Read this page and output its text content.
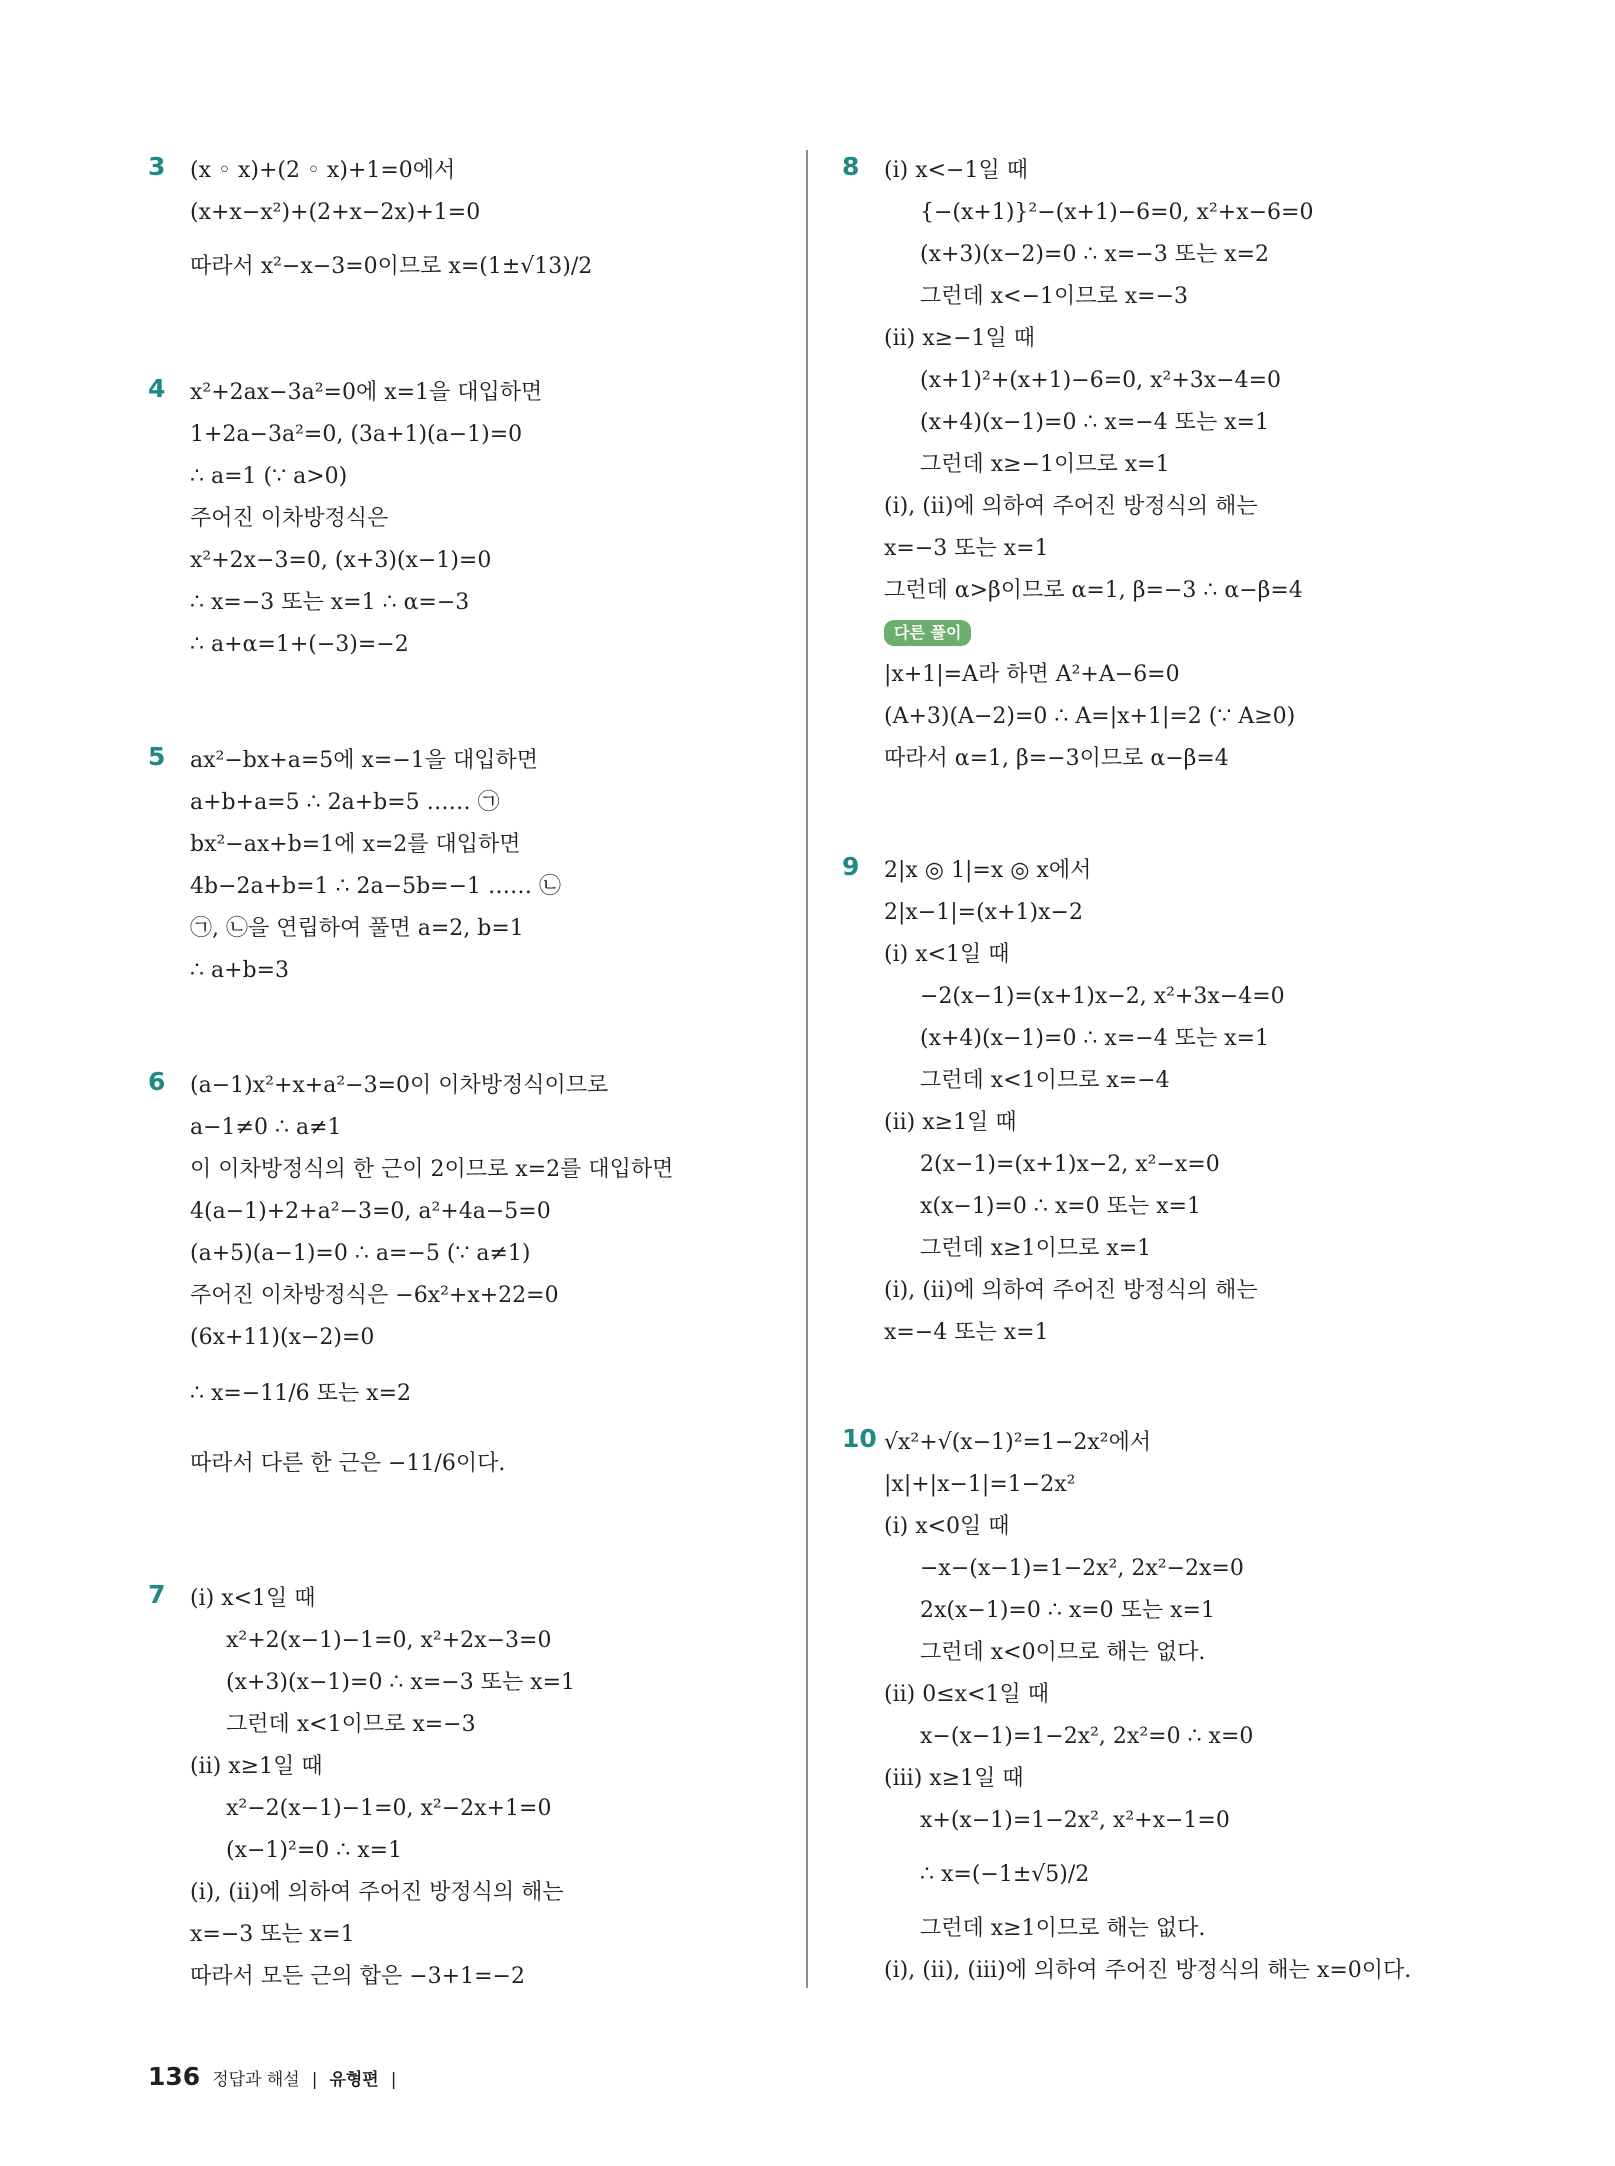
3 (x ◦ x)+(2 ◦ x)+1=0에서
(x+x−x²)+(2+x−2x)+1=0
따라서 x²−x−3=0이므로 x=(1±√13)/2
4 x²+2ax−3a²=0에 x=1을 대입하면
1+2a−3a²=0, (3a+1)(a−1)=0
∴ a=1 (∵ a>0)
주어진 이차방정식은
x²+2x−3=0, (x+3)(x−1)=0
∴ x=−3 또는 x=1 ∴ α=−3
∴ a+α=1+(−3)=−2
5 ax²−bx+a=5에 x=−1을 대입하면
a+b+a=5 ∴ 2a+b=5 …… ㉠
bx²−ax+b=1에 x=2를 대입하면
4b−2a+b=1 ∴ 2a−5b=−1 …… ㉡
㉠, ㉡을 연립하여 풀면 a=2, b=1
∴ a+b=3
6 (a−1)x²+x+a²−3=0이 이차방정식이므로
a−1≠0 ∴ a≠1
이 이차방정식의 한 근이 2이므로 x=2를 대입하면
4(a−1)+2+a²−3=0, a²+4a−5=0
(a+5)(a−1)=0 ∴ a=−5 (∵ a≠1)
주어진 이차방정식은 −6x²+x+22=0
(6x+11)(x−2)=0
∴ x=−11/6 또는 x=2
따라서 다른 한 근은 −11/6이다.
7 (i) x<1일 때
x²+2(x−1)−1=0, x²+2x−3=0
(x+3)(x−1)=0 ∴ x=−3 또는 x=1
그런데 x<1이므로 x=−3
(ii) x≥1일 때
x²−2(x−1)−1=0, x²−2x+1=0
(x−1)²=0 ∴ x=1
(i), (ii)에 의하여 주어진 방정식의 해는
x=−3 또는 x=1
따라서 모든 근의 합은 −3+1=−2
8 (i) x<−1일 때
{−(x+1)}²−(x+1)−6=0, x²+x−6=0
(x+3)(x−2)=0 ∴ x=−3 또는 x=2
그런데 x<−1이므로 x=−3
(ii) x≥−1일 때
(x+1)²+(x+1)−6=0, x²+3x−4=0
(x+4)(x−1)=0 ∴ x=−4 또는 x=1
그런데 x≥−1이므로 x=1
(i), (ii)에 의하여 주어진 방정식의 해는
x=−3 또는 x=1
그런데 α>β이므로 α=1, β=−3 ∴ α−β=4
다른 풀이
|x+1|=A라 하면 A²+A−6=0
(A+3)(A−2)=0 ∴ A=|x+1|=2 (∵ A≥0)
따라서 α=1, β=−3이므로 α−β=4
9 2|x ◎ 1|=x ◎ x에서
2|x−1|=(x+1)x−2
(i) x<1일 때
−2(x−1)=(x+1)x−2, x²+3x−4=0
(x+4)(x−1)=0 ∴ x=−4 또는 x=1
그런데 x<1이므로 x=−4
(ii) x≥1일 때
2(x−1)=(x+1)x−2, x²−x=0
x(x−1)=0 ∴ x=0 또는 x=1
그런데 x≥1이므로 x=1
(i), (ii)에 의하여 주어진 방정식의 해는
x=−4 또는 x=1
10 √x²+√(x−1)²=1−2x²에서
|x|+|x−1|=1−2x²
(i) x<0일 때
−x−(x−1)=1−2x², 2x²−2x=0
2x(x−1)=0 ∴ x=0 또는 x=1
그런데 x<0이므로 해는 없다.
(ii) 0≤x<1일 때
x−(x−1)=1−2x², 2x²=0 ∴ x=0
(iii) x≥1일 때
x+(x−1)=1−2x², x²+x−1=0
∴ x=(−1±√5)/2
그런데 x≥1이므로 해는 없다.
(i), (ii), (iii)에 의하여 주어진 방정식의 해는 x=0이다.
136 정답과 해설 | 유형편 |
